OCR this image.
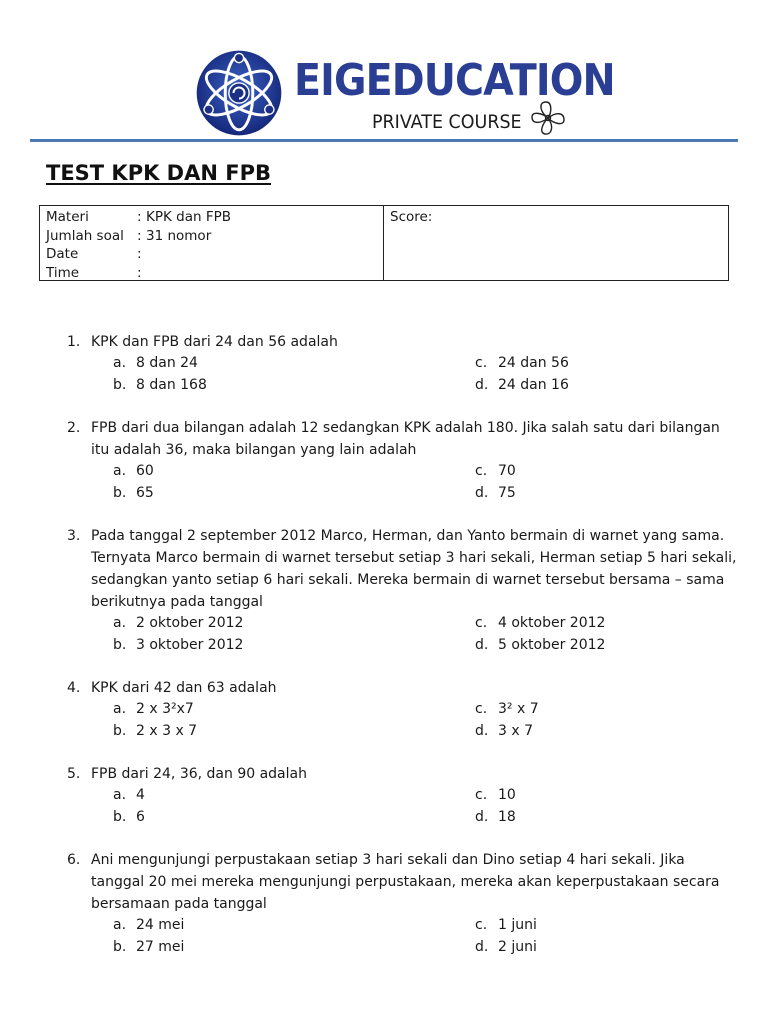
EIGEDUCATION
PRIVATE COURSE
TEST KPK DAN FPB
Materi	: KPK dan FPB
Jumlah soal : 31 nomor
Date	:
Time	:
Score:
1. KPK dan FPB dari 24 dan 56 adalah
a. 8 dan 24	c. 24 dan 56
b. 8 dan 168	d. 24 dan 16
2. FPB dari dua bilangan adalah 12 sedangkan KPK adalah 180. Jika salah satu dari bilangan itu adalah 36, maka bilangan yang lain adalah
a. 60	c. 70
b. 65	d. 75
3. Pada tanggal 2 september 2012 Marco, Herman, dan Yanto bermain di warnet yang sama. Ternyata Marco bermain di warnet tersebut setiap 3 hari sekali, Herman setiap 5 hari sekali, sedangkan yanto setiap 6 hari sekali. Mereka bermain di warnet tersebut bersama – sama berikutnya pada tanggal
a. 2 oktober 2012	c. 4 oktober 2012
b. 3 oktober 2012	d. 5 oktober 2012
4. KPK dari 42 dan 63 adalah
a. 2 x 3²x7	c. 3² x 7
b. 2 x 3 x 7	d. 3 x 7
5. FPB dari 24, 36, dan 90 adalah
a. 4	c. 10
b. 6	d. 18
6. Ani mengunjungi perpustakaan setiap 3 hari sekali dan Dino setiap 4 hari sekali. Jika tanggal 20 mei mereka mengunjungi perpustakaan, mereka akan keperpustakaan secara bersamaan pada tanggal
a. 24 mei	c. 1 juni
b. 27 mei	d. 2 juni
